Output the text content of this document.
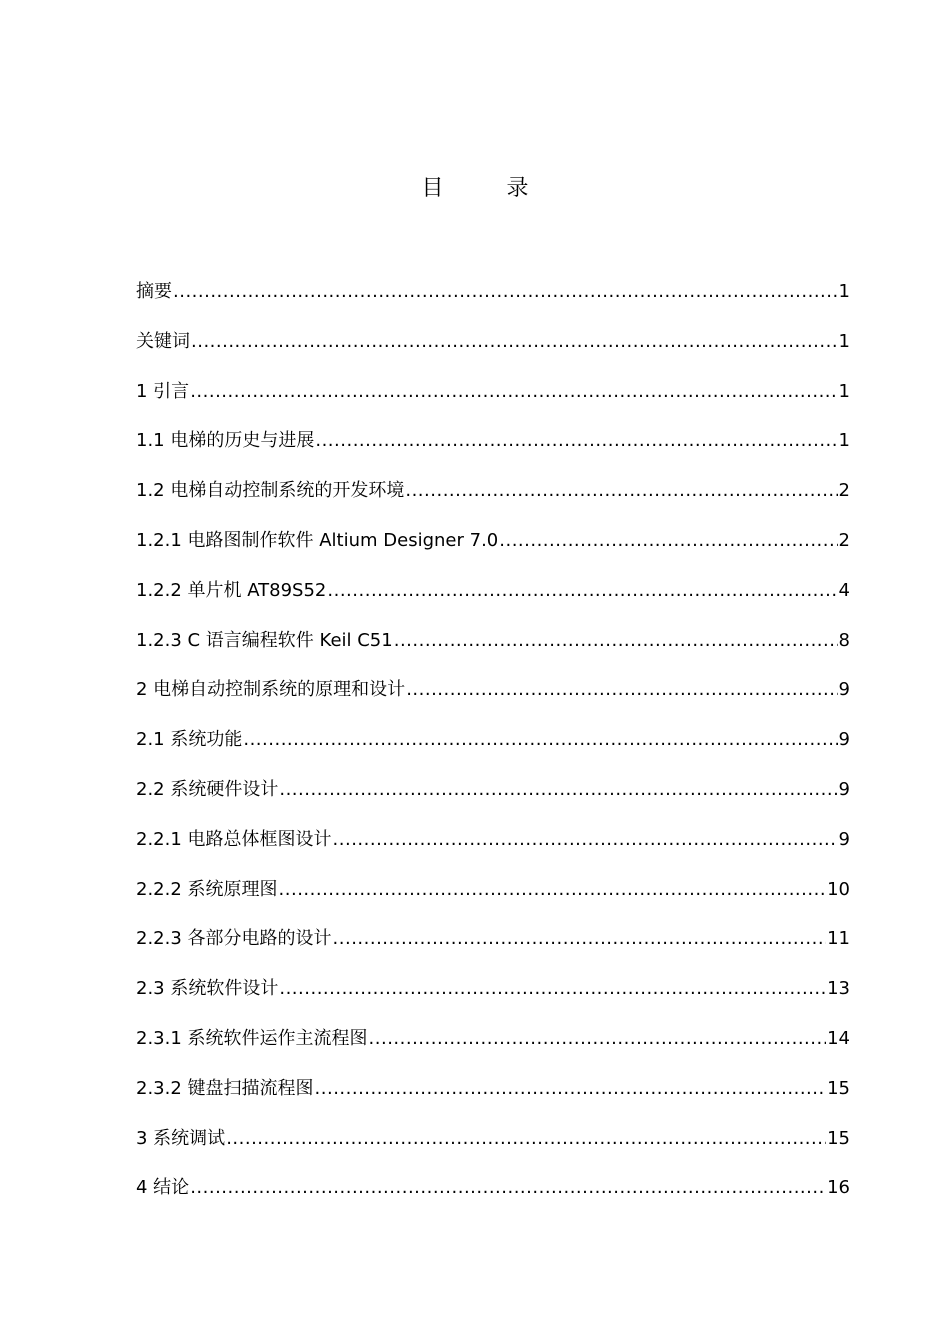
目 录
摘要 .....	1
关键词 .....	1
1 引言 .....	1
1.1 电梯的历史与进展 .....	1
1.2 电梯自动控制系统的开发环境 .....	2
1.2.1 电路图制作软件 Altium Designer 7.0 .....	2
1.2.2 单片机 AT89S52 .....	4
1.2.3 C 语言编程软件 Keil C51 .....	8
2 电梯自动控制系统的原理和设计 .....	9
2.1 系统功能 .....	9
2.2 系统硬件设计 .....	9
2.2.1 电路总体框图设计 .....	9
2.2.2 系统原理图 .....	10
2.2.3 各部分电路的设计 .....	11
2.3 系统软件设计 .....	13
2.3.1 系统软件运作主流程图 .....	14
2.3.2 键盘扫描流程图 .....	15
3 系统调试 .....	15
4 结论 .....	16
